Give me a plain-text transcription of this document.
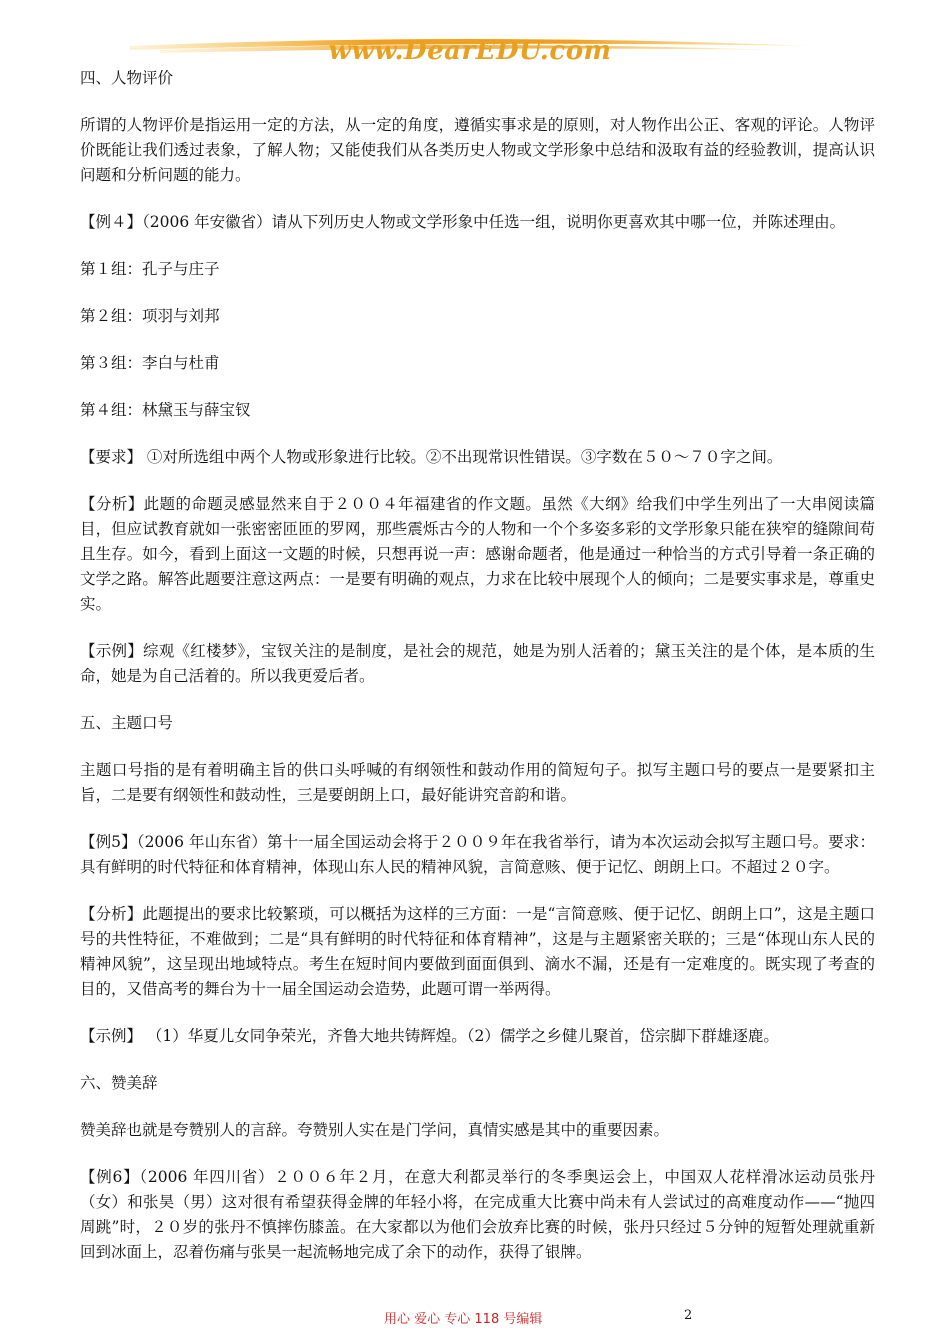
www.DearEDU.com

四、人物评价

所谓的人物评价是指运用一定的方法，从一定的角度，遵循实事求是的原则，对人物作出公正、客观的评论。人物评价既能让我们透过表象，了解人物；又能使我们从各类历史人物或文学形象中总结和汲取有益的经验教训，提高认识问题和分析问题的能力。

【例４】（2006 年安徽省）请从下列历史人物或文学形象中任选一组，说明你更喜欢其中哪一位，并陈述理由。

第１组：孔子与庄子

第２组：项羽与刘邦

第３组：李白与杜甫

第４组：林黛玉与薛宝钗

【要求】 ①对所选组中两个人物或形象进行比较。②不出现常识性错误。③字数在５０～７０字之间。

【分析】此题的命题灵感显然来自于２００４年福建省的作文题。虽然《大纲》给我们中学生列出了一大串阅读篇目，但应试教育就如一张密密匝匝的罗网，那些震烁古今的人物和一个个多姿多彩的文学形象只能在狭窄的缝隙间苟且生存。如今，看到上面这一文题的时候，只想再说一声：感谢命题者，他是通过一种恰当的方式引导着一条正确的文学之路。解答此题要注意这两点：一是要有明确的观点，力求在比较中展现个人的倾向；二是要实事求是，尊重史实。

【示例】综观《红楼梦》，宝钗关注的是制度，是社会的规范，她是为别人活着的；黛玉关注的是个体，是本质的生命，她是为自己活着的。所以我更爱后者。

五、主题口号

主题口号指的是有着明确主旨的供口头呼喊的有纲领性和鼓动作用的简短句子。拟写主题口号的要点一是要紧扣主旨，二是要有纲领性和鼓动性，三是要朗朗上口，最好能讲究音韵和谐。

【例5】（2006 年山东省）第十一届全国运动会将于２００９年在我省举行，请为本次运动会拟写主题口号。要求：具有鲜明的时代特征和体育精神，体现山东人民的精神风貌，言简意赅、便于记忆、朗朗上口。不超过２０字。

【分析】此题提出的要求比较繁琐，可以概括为这样的三方面：一是“言简意赅、便于记忆、朗朗上口”，这是主题口号的共性特征，不难做到；二是“具有鲜明的时代特征和体育精神”，这是与主题紧密关联的；三是“体现山东人民的精神风貌”，这呈现出地域特点。考生在短时间内要做到面面俱到、滴水不漏，还是有一定难度的。既实现了考查的目的，又借高考的舞台为十一届全国运动会造势，此题可谓一举两得。

【示例】 （1）华夏儿女同争荣光，齐鲁大地共铸辉煌。（2）儒学之乡健儿聚首，岱宗脚下群雄逐鹿。

六、赞美辞

赞美辞也就是夸赞别人的言辞。夸赞别人实在是门学问，真情实感是其中的重要因素。

【例6】（2006 年四川省）２００６年２月，在意大利都灵举行的冬季奥运会上，中国双人花样滑冰运动员张丹（女）和张昊（男）这对很有希望获得金牌的年轻小将，在完成重大比赛中尚未有人尝试过的高难度动作——“抛四周跳”时，２０岁的张丹不慎摔伤膝盖。在大家都以为他们会放弃比赛的时候，张丹只经过５分钟的短暂处理就重新回到冰面上，忍着伤痛与张昊一起流畅地完成了余下的动作，获得了银牌。

用心 爱心 专心 118 号编辑	2
